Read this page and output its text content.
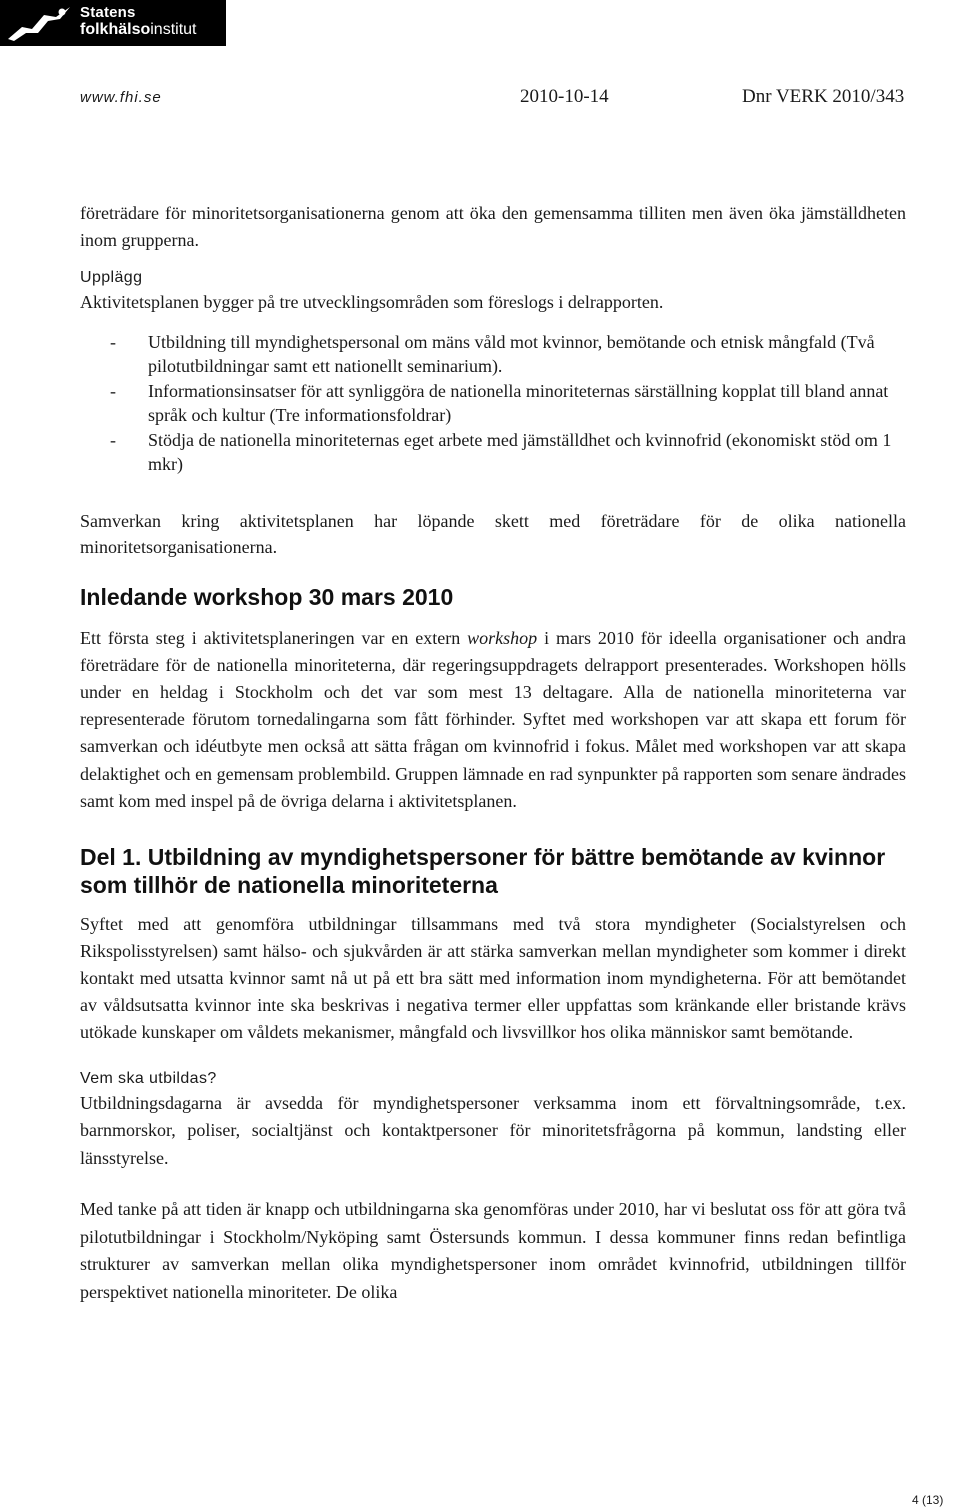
Statens
folkhälsoinstitut
www.fhi.se	2010-10-14	Dnr VERK 2010/343

företrädare för minoritetsorganisationerna genom att öka den gemensamma tilliten men även öka jämställdheten inom grupperna.

Upplägg

Aktivitetsplanen bygger på tre utvecklingsområden som föreslogs i delrapporten.

- Utbildning till myndighetspersonal om mäns våld mot kvinnor, bemötande och etnisk mångfald (Två pilotutbildningar samt ett nationellt seminarium).
- Informationsinsatser för att synliggöra de nationella minoriteternas särställning kopplat till bland annat språk och kultur (Tre informationsfoldrar)
- Stödja de nationella minoriteternas eget arbete med jämställdhet och kvinnofrid (ekonomiskt stöd om 1 mkr)

Samverkan kring aktivitetsplanen har löpande skett med företrädare för de olika nationella minoritetsorganisationerna.

Inledande workshop 30 mars 2010

Ett första steg i aktivitetsplaneringen var en extern workshop i mars 2010 för ideella organisationer och andra företrädare för de nationella minoriteterna, där regeringsuppdragets delrapport presenterades. Workshopen hölls under en heldag i Stockholm och det var som mest 13 deltagare. Alla de nationella minoriteterna var representerade förutom tornedalingarna som fått förhinder. Syftet med workshopen var att skapa ett forum för samverkan och idéutbyte men också att sätta frågan om kvinnofrid i fokus. Målet med workshopen var att skapa delaktighet och en gemensam problembild. Gruppen lämnade en rad synpunkter på rapporten som senare ändrades samt kom med inspel på de övriga delarna i aktivitetsplanen.

Del 1. Utbildning av myndighetspersoner för bättre bemötande av kvinnor som tillhör de nationella minoriteterna

Syftet med att genomföra utbildningar tillsammans med två stora myndigheter (Socialstyrelsen och Rikspolisstyrelsen) samt hälso- och sjukvården är att stärka samverkan mellan myndigheter som kommer i direkt kontakt med utsatta kvinnor samt nå ut på ett bra sätt med information inom myndigheterna. För att bemötandet av våldsutsatta kvinnor inte ska beskrivas i negativa termer eller uppfattas som kränkande eller bristande krävs utökade kunskaper om våldets mekanismer, mångfald och livsvillkor hos olika människor samt bemötande.

Vem ska utbildas?

Utbildningsdagarna är avsedda för myndighetspersoner verksamma inom ett förvaltningsområde, t.ex. barnmorskor, poliser, socialtjänst och kontaktpersoner för minoritetsfrågorna på kommun, landsting eller länsstyrelse.

Med tanke på att tiden är knapp och utbildningarna ska genomföras under 2010, har vi beslutat oss för att göra två pilotutbildningar i Stockholm/Nyköping samt Östersunds kommun. I dessa kommuner finns redan befintliga strukturer av samverkan mellan olika myndighetspersoner inom området kvinnofrid, utbildningen tillför perspektivet nationella minoriteter. De olika

4 (13)
